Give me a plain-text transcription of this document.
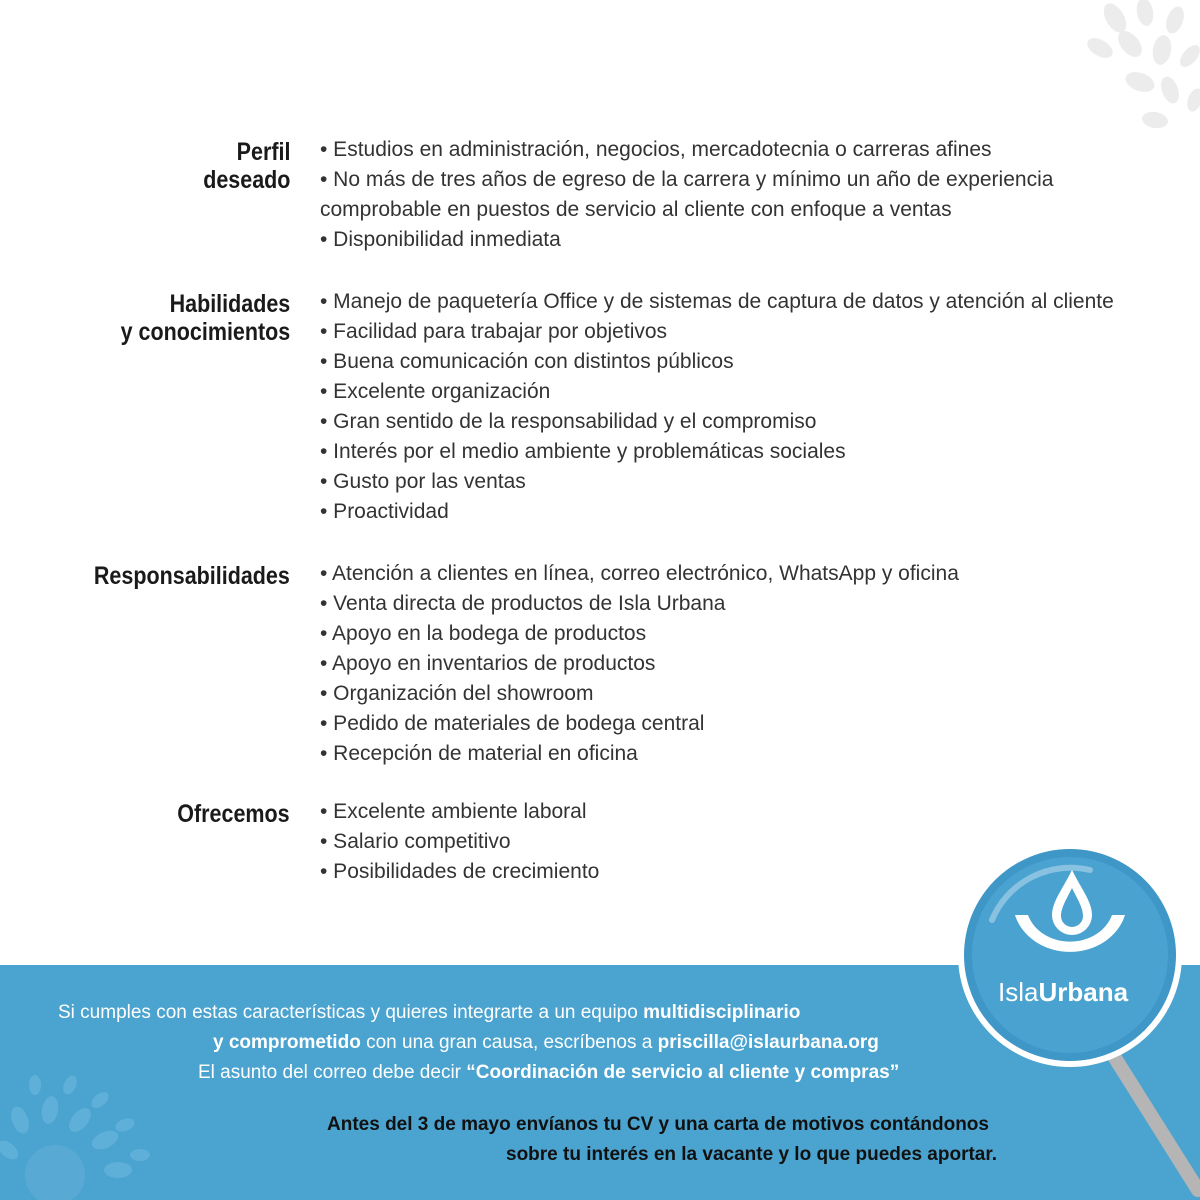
Perfil
deseado
• Estudios en administración, negocios, mercadotecnia o carreras afines
• No más de tres años de egreso de la carrera y mínimo un año de experiencia comprobable en puestos de servicio al cliente con enfoque a ventas
• Disponibilidad inmediata
Habilidades
y conocimientos
• Manejo de paquetería Office y de sistemas de captura de datos y atención al cliente
• Facilidad para trabajar por objetivos
• Buena comunicación con distintos públicos
• Excelente organización
• Gran sentido de la responsabilidad y el compromiso
• Interés por el medio ambiente y problemáticas sociales
• Gusto por las ventas
• Proactividad
Responsabilidades • Atención a clientes en línea, correo electrónico, WhatsApp y oficina
• Venta directa de productos de Isla Urbana
• Apoyo en la bodega de productos
• Apoyo en inventarios de productos
• Organización del showroom
• Pedido de materiales de bodega central
• Recepción de material en oficina
Ofrecemos • Excelente ambiente laboral
• Salario competitivo
• Posibilidades de crecimiento
Si cumples con estas características y quieres integrarte a un equipo multidisciplinario
y comprometido con una gran causa, escríbenos a priscilla@islaurbana.org
El asunto del correo debe decir “Coordinación de servicio al cliente y compras”
Antes del 3 de mayo envíanos tu CV y una carta de motivos contándonos
sobre tu interés en la vacante y lo que puedes aportar.
IslaUrbana
